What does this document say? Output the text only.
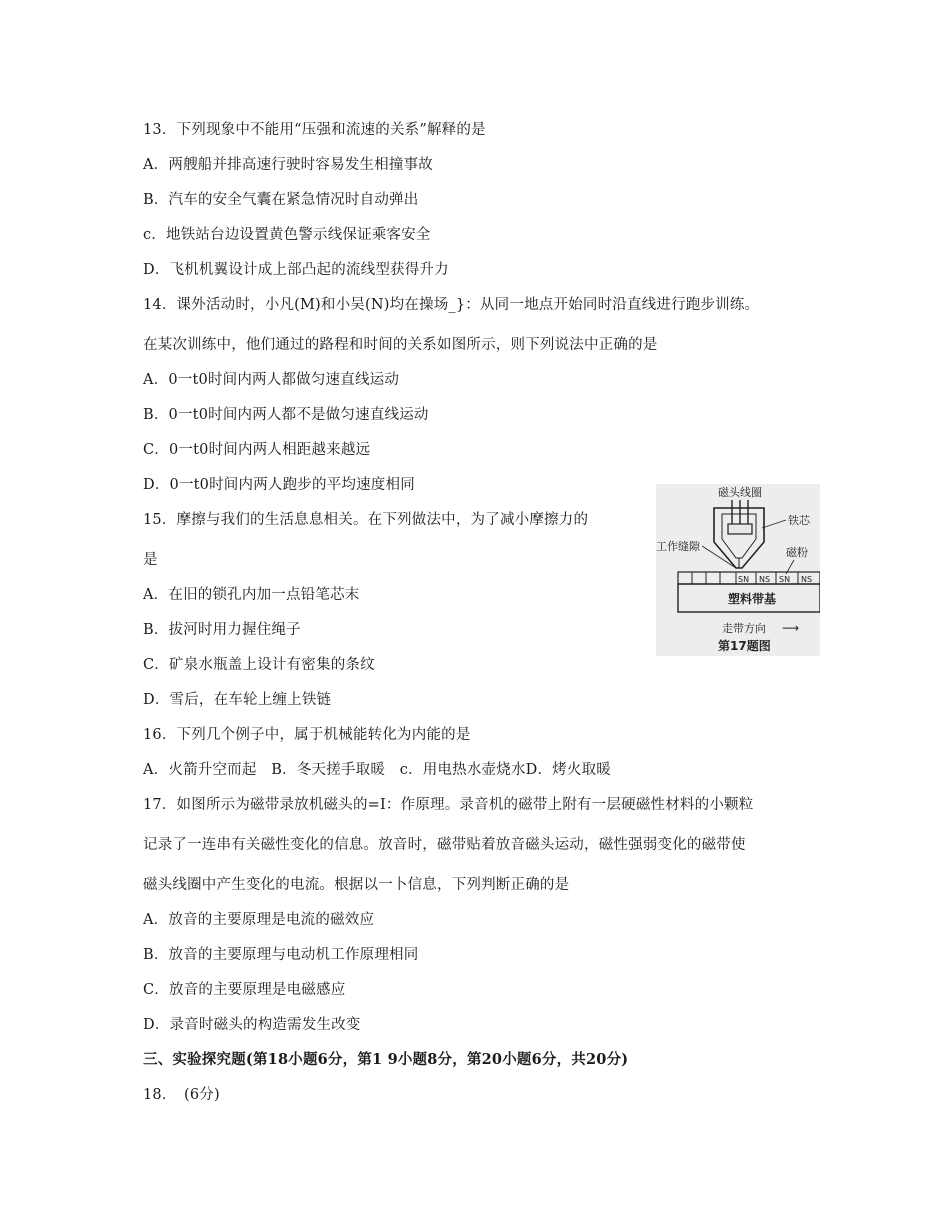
13．下列现象中不能用“压强和流速的关系”解释的是
A．两艘船并排高速行驶时容易发生相撞事故
B．汽车的安全气囊在紧急情况时自动弹出
c．地铁站台边设置黄色警示线保证乘客安全
D．飞机机翼设计成上部凸起的流线型获得升力
14．课外活动时，小凡(M)和小吴(N)均在操场_}：从同一地点开始同时沿直线进行跑步训练。
在某次训练中，他们通过的路程和时间的关系如图所示，则下列说法中正确的是
A．0一t0时间内两人都做匀速直线运动
B．0一t0时间内两人都不是做匀速直线运动
C．0一t0时间内两人相距越来越远
D．0一t0时间内两人跑步的平均速度相同
15．摩擦与我们的生活息息相关。在下列做法中，为了减小摩擦力的
是
A．在旧的锁孔内加一点铅笔芯末
B．拔河时用力握住绳子
C．矿泉水瓶盖上设计有密集的条纹
D．雪后，在车轮上缠上铁链
16．下列几个例子中，属于机械能转化为内能的是
A．火箭升空而起　B．冬天搓手取暖　c．用电热水壶烧水D．烤火取暖
17．如图所示为磁带录放机磁头的=I：作原理。录音机的磁带上附有一层硬磁性材料的小颗粒
记录了一连串有关磁性变化的信息。放音时，磁带贴着放音磁头运动，磁性强弱变化的磁带使
磁头线圈中产生变化的电流。根据以一卜信息，下列判断正确的是
A．放音的主要原理是电流的磁效应
B．放音的主要原理与电动机工作原理相同
C．放音的主要原理是电磁感应
D．录音时磁头的构造需发生改变
三、实验探究题(第18小题6分，第1 9小题8分，第20小题6分，共20分)
18．　(6分)
磁头线圈
铁芯
工作缝隙	磁粉
SN NS SN NS
塑料带基
走带方向 ⟶
第17题图
